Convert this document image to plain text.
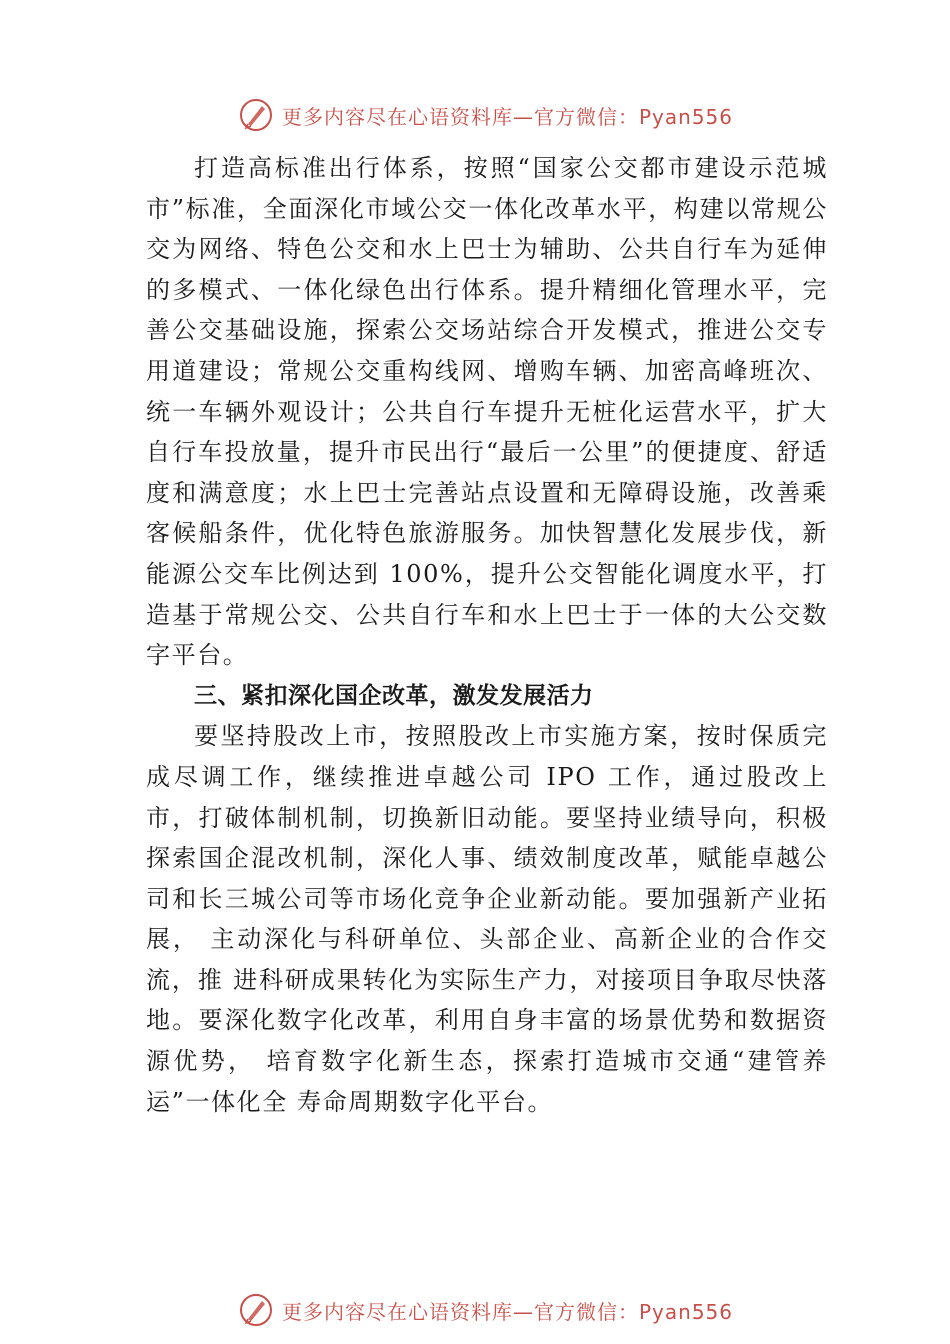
更多内容尽在心语资料库—官方微信：Pyan556

打造高标准出行体系，按照“国家公交都市建设示范城市”标准，全面深化市域公交一体化改革水平，构建以常规公交为网络、特色公交和水上巴士为辅助、公共自行车为延伸的多模式、一体化绿色出行体系。提升精细化管理水平，完善公交基础设施，探索公交场站综合开发模式，推进公交专用道建设；常规公交重构线网、增购车辆、加密高峰班次、统一车辆外观设计；公共自行车提升无桩化运营水平，扩大自行车投放量，提升市民出行“最后一公里”的便捷度、舒适度和满意度；水上巴士完善站点设置和无障碍设施，改善乘客候船条件，优化特色旅游服务。加快智慧化发展步伐，新能源公交车比例达到 100%，提升公交智能化调度水平，打造基于常规公交、公共自行车和水上巴士于一体的大公交数字平台。

三、紧扣深化国企改革，激发发展活力

要坚持股改上市，按照股改上市实施方案，按时保质完成尽调工作，继续推进卓越公司 IPO 工作，通过股改上市，打破体制机制，切换新旧动能。要坚持业绩导向，积极探索国企混改机制，深化人事、绩效制度改革，赋能卓越公司和长三城公司等市场化竞争企业新动能。要加强新产业拓展， 主动深化与科研单位、头部企业、高新企业的合作交流，推 进科研成果转化为实际生产力，对接项目争取尽快落地。要深化数字化改革，利用自身丰富的场景优势和数据资源优势， 培育数字化新生态，探索打造城市交通“建管养运”一体化全 寿命周期数字化平台。

更多内容尽在心语资料库—官方微信：Pyan556
